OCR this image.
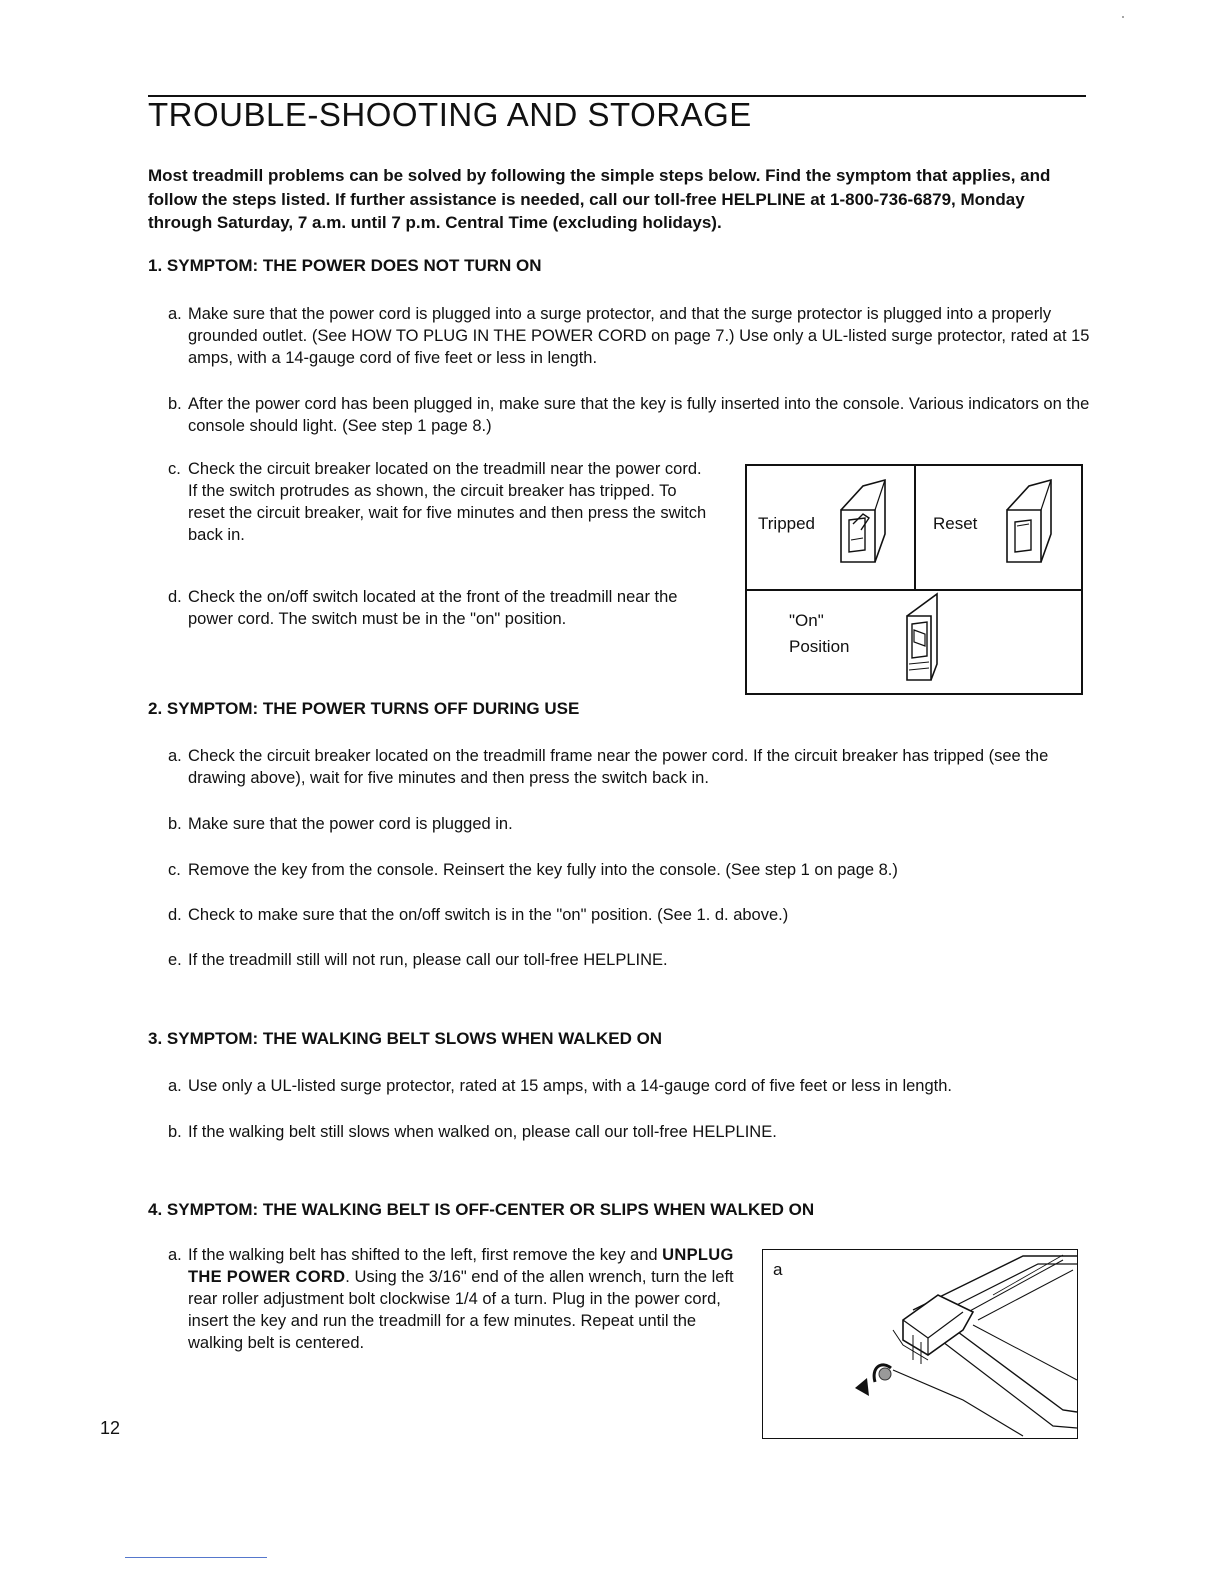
TROUBLE-SHOOTING AND STORAGE
Most treadmill problems can be solved by following the simple steps below. Find the symptom that applies, and follow the steps listed. If further assistance is needed, call our toll-free HELPLINE at 1-800-736-6879, Monday through Saturday, 7 a.m. until 7 p.m. Central Time (excluding holidays).
1. SYMPTOM: THE POWER DOES NOT TURN ON
a. Make sure that the power cord is plugged into a surge protector, and that the surge protector is plugged into a properly grounded outlet. (See HOW TO PLUG IN THE POWER CORD on page 7.) Use only a UL-listed surge protector, rated at 15 amps, with a 14-gauge cord of five feet or less in length.
b. After the power cord has been plugged in, make sure that the key is fully inserted into the console. Various indicators on the console should light. (See step 1 page 8.)
c. Check the circuit breaker located on the treadmill near the power cord. If the switch protrudes as shown, the circuit breaker has tripped. To reset the circuit breaker, wait for five minutes and then press the switch back in.
d. Check the on/off switch located at the front of the treadmill near the power cord. The switch must be in the "on" position.
Tripped	Reset
"On"
Position
2. SYMPTOM: THE POWER TURNS OFF DURING USE
a. Check the circuit breaker located on the treadmill frame near the power cord. If the circuit breaker has tripped (see the drawing above), wait for five minutes and then press the switch back in.
b. Make sure that the power cord is plugged in.
c. Remove the key from the console. Reinsert the key fully into the console. (See step 1 on page 8.)
d. Check to make sure that the on/off switch is in the "on" position. (See 1. d. above.)
e. If the treadmill still will not run, please call our toll-free HELPLINE.
3. SYMPTOM: THE WALKING BELT SLOWS WHEN WALKED ON
a. Use only a UL-listed surge protector, rated at 15 amps, with a 14-gauge cord of five feet or less in length.
b. If the walking belt still slows when walked on, please call our toll-free HELPLINE.
4. SYMPTOM: THE WALKING BELT IS OFF-CENTER OR SLIPS WHEN WALKED ON
a. If the walking belt has shifted to the left, first remove the key and UNPLUG THE POWER CORD. Using the 3/16" end of the allen wrench, turn the left rear roller adjustment bolt clockwise 1/4 of a turn. Plug in the power cord, insert the key and run the treadmill for a few minutes. Repeat until the walking belt is centered.
a
12
